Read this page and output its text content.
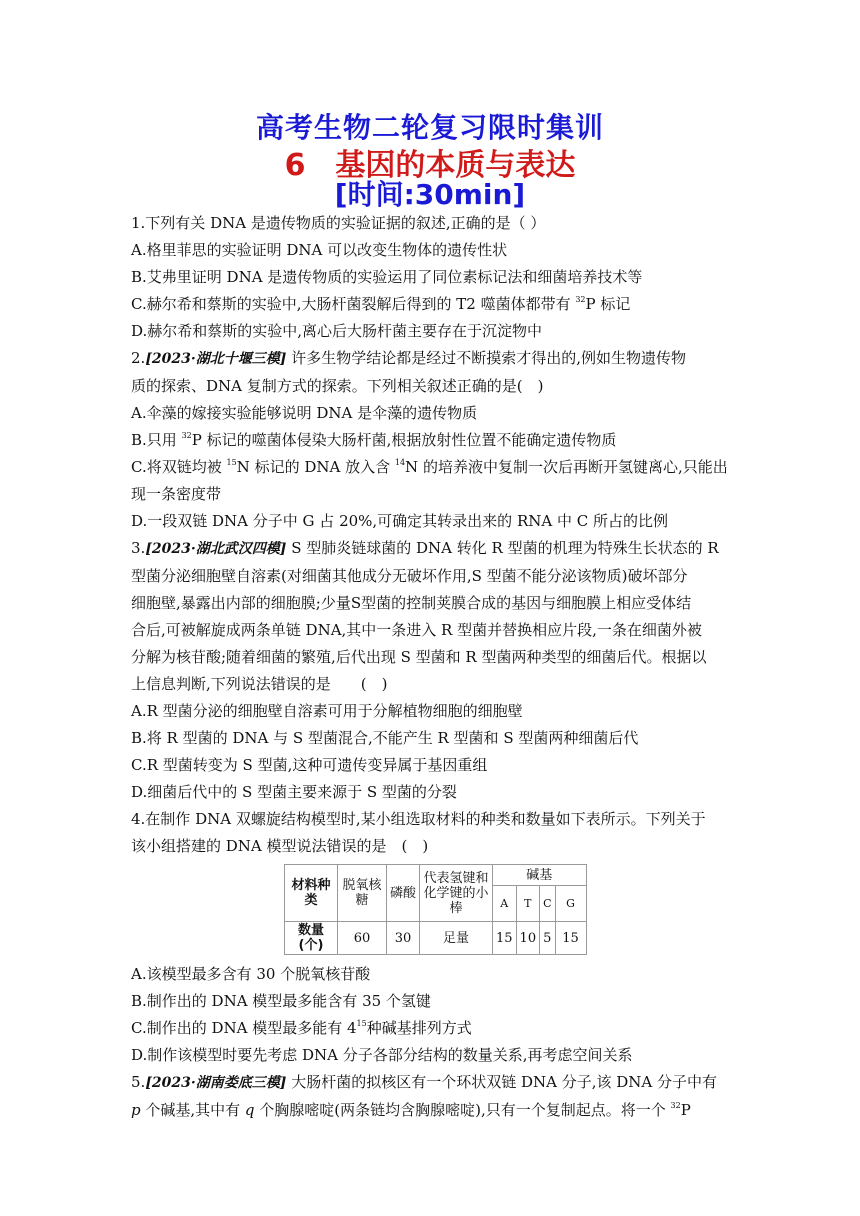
高考生物二轮复习限时集训
6　基因的本质与表达
[时间:30min]
1.下列有关 DNA 是遗传物质的实验证据的叙述,正确的是（ ）
A.格里菲思的实验证明 DNA 可以改变生物体的遗传性状
B.艾弗里证明 DNA 是遗传物质的实验运用了同位素标记法和细菌培养技术等
C.赫尔希和蔡斯的实验中,大肠杆菌裂解后得到的 T2 噬菌体都带有 $^{32}$P 标记
D.赫尔希和蔡斯的实验中,离心后大肠杆菌主要存在于沉淀物中
2.[2023·湖北十堰三模] 许多生物学结论都是经过不断摸索才得出的,例如生物遗传物
质的探索、DNA 复制方式的探索。下列相关叙述正确的是(　)
A.伞藻的嫁接实验能够说明 DNA 是伞藻的遗传物质
B.只用 $^{32}$P 标记的噬菌体侵染大肠杆菌,根据放射性位置不能确定遗传物质
C.将双链均被 $^{15}$N 标记的 DNA 放入含 $^{14}$N 的培养液中复制一次后再断开氢键离心,只能出
现一条密度带
D.一段双链 DNA 分子中 G 占 20%,可确定其转录出来的 RNA 中 C 所占的比例
3.[2023·湖北武汉四模] S 型肺炎链球菌的 DNA 转化 R 型菌的机理为特殊生长状态的 R
型菌分泌细胞壁自溶素(对细菌其他成分无破坏作用,S 型菌不能分泌该物质)破坏部分
细胞壁,暴露出内部的细胞膜;少量S型菌的控制荚膜合成的基因与细胞膜上相应受体结
合后,可被解旋成两条单链 DNA,其中一条进入 R 型菌并替换相应片段,一条在细菌外被
分解为核苷酸;随着细菌的繁殖,后代出现 S 型菌和 R 型菌两种类型的细菌后代。根据以
上信息判断,下列说法错误的是　　(　)
A.R 型菌分泌的细胞壁自溶素可用于分解植物细胞的细胞壁
B.将 R 型菌的 DNA 与 S 型菌混合,不能产生 R 型菌和 S 型菌两种细菌后代
C.R 型菌转变为 S 型菌,这种可遗传变异属于基因重组
D.细菌后代中的 S 型菌主要来源于 S 型菌的分裂
4.在制作 DNA 双螺旋结构模型时,某小组选取材料的种类和数量如下表所示。下列关于
该小组搭建的 DNA 模型说法错误的是　(　)
材料种类	脱氧核糖	磷酸	代表氢键和化学键的小棒	碱基			
				A	T	C	G
数量(个)	60	30	足量	15	10	5	15
A.该模型最多含有 30 个脱氧核苷酸
B.制作出的 DNA 模型最多能含有 35 个氢键
C.制作出的 DNA 模型最多能有 $4^{15}$种碱基排列方式
D.制作该模型时要先考虑 DNA 分子各部分结构的数量关系,再考虑空间关系
5.[2023·湖南娄底三模] 大肠杆菌的拟核区有一个环状双链 DNA 分子,该 DNA 分子中有
p 个碱基,其中有 q 个胸腺嘧啶(两条链均含胸腺嘧啶),只有一个复制起点。将一个 $^{32}$P
